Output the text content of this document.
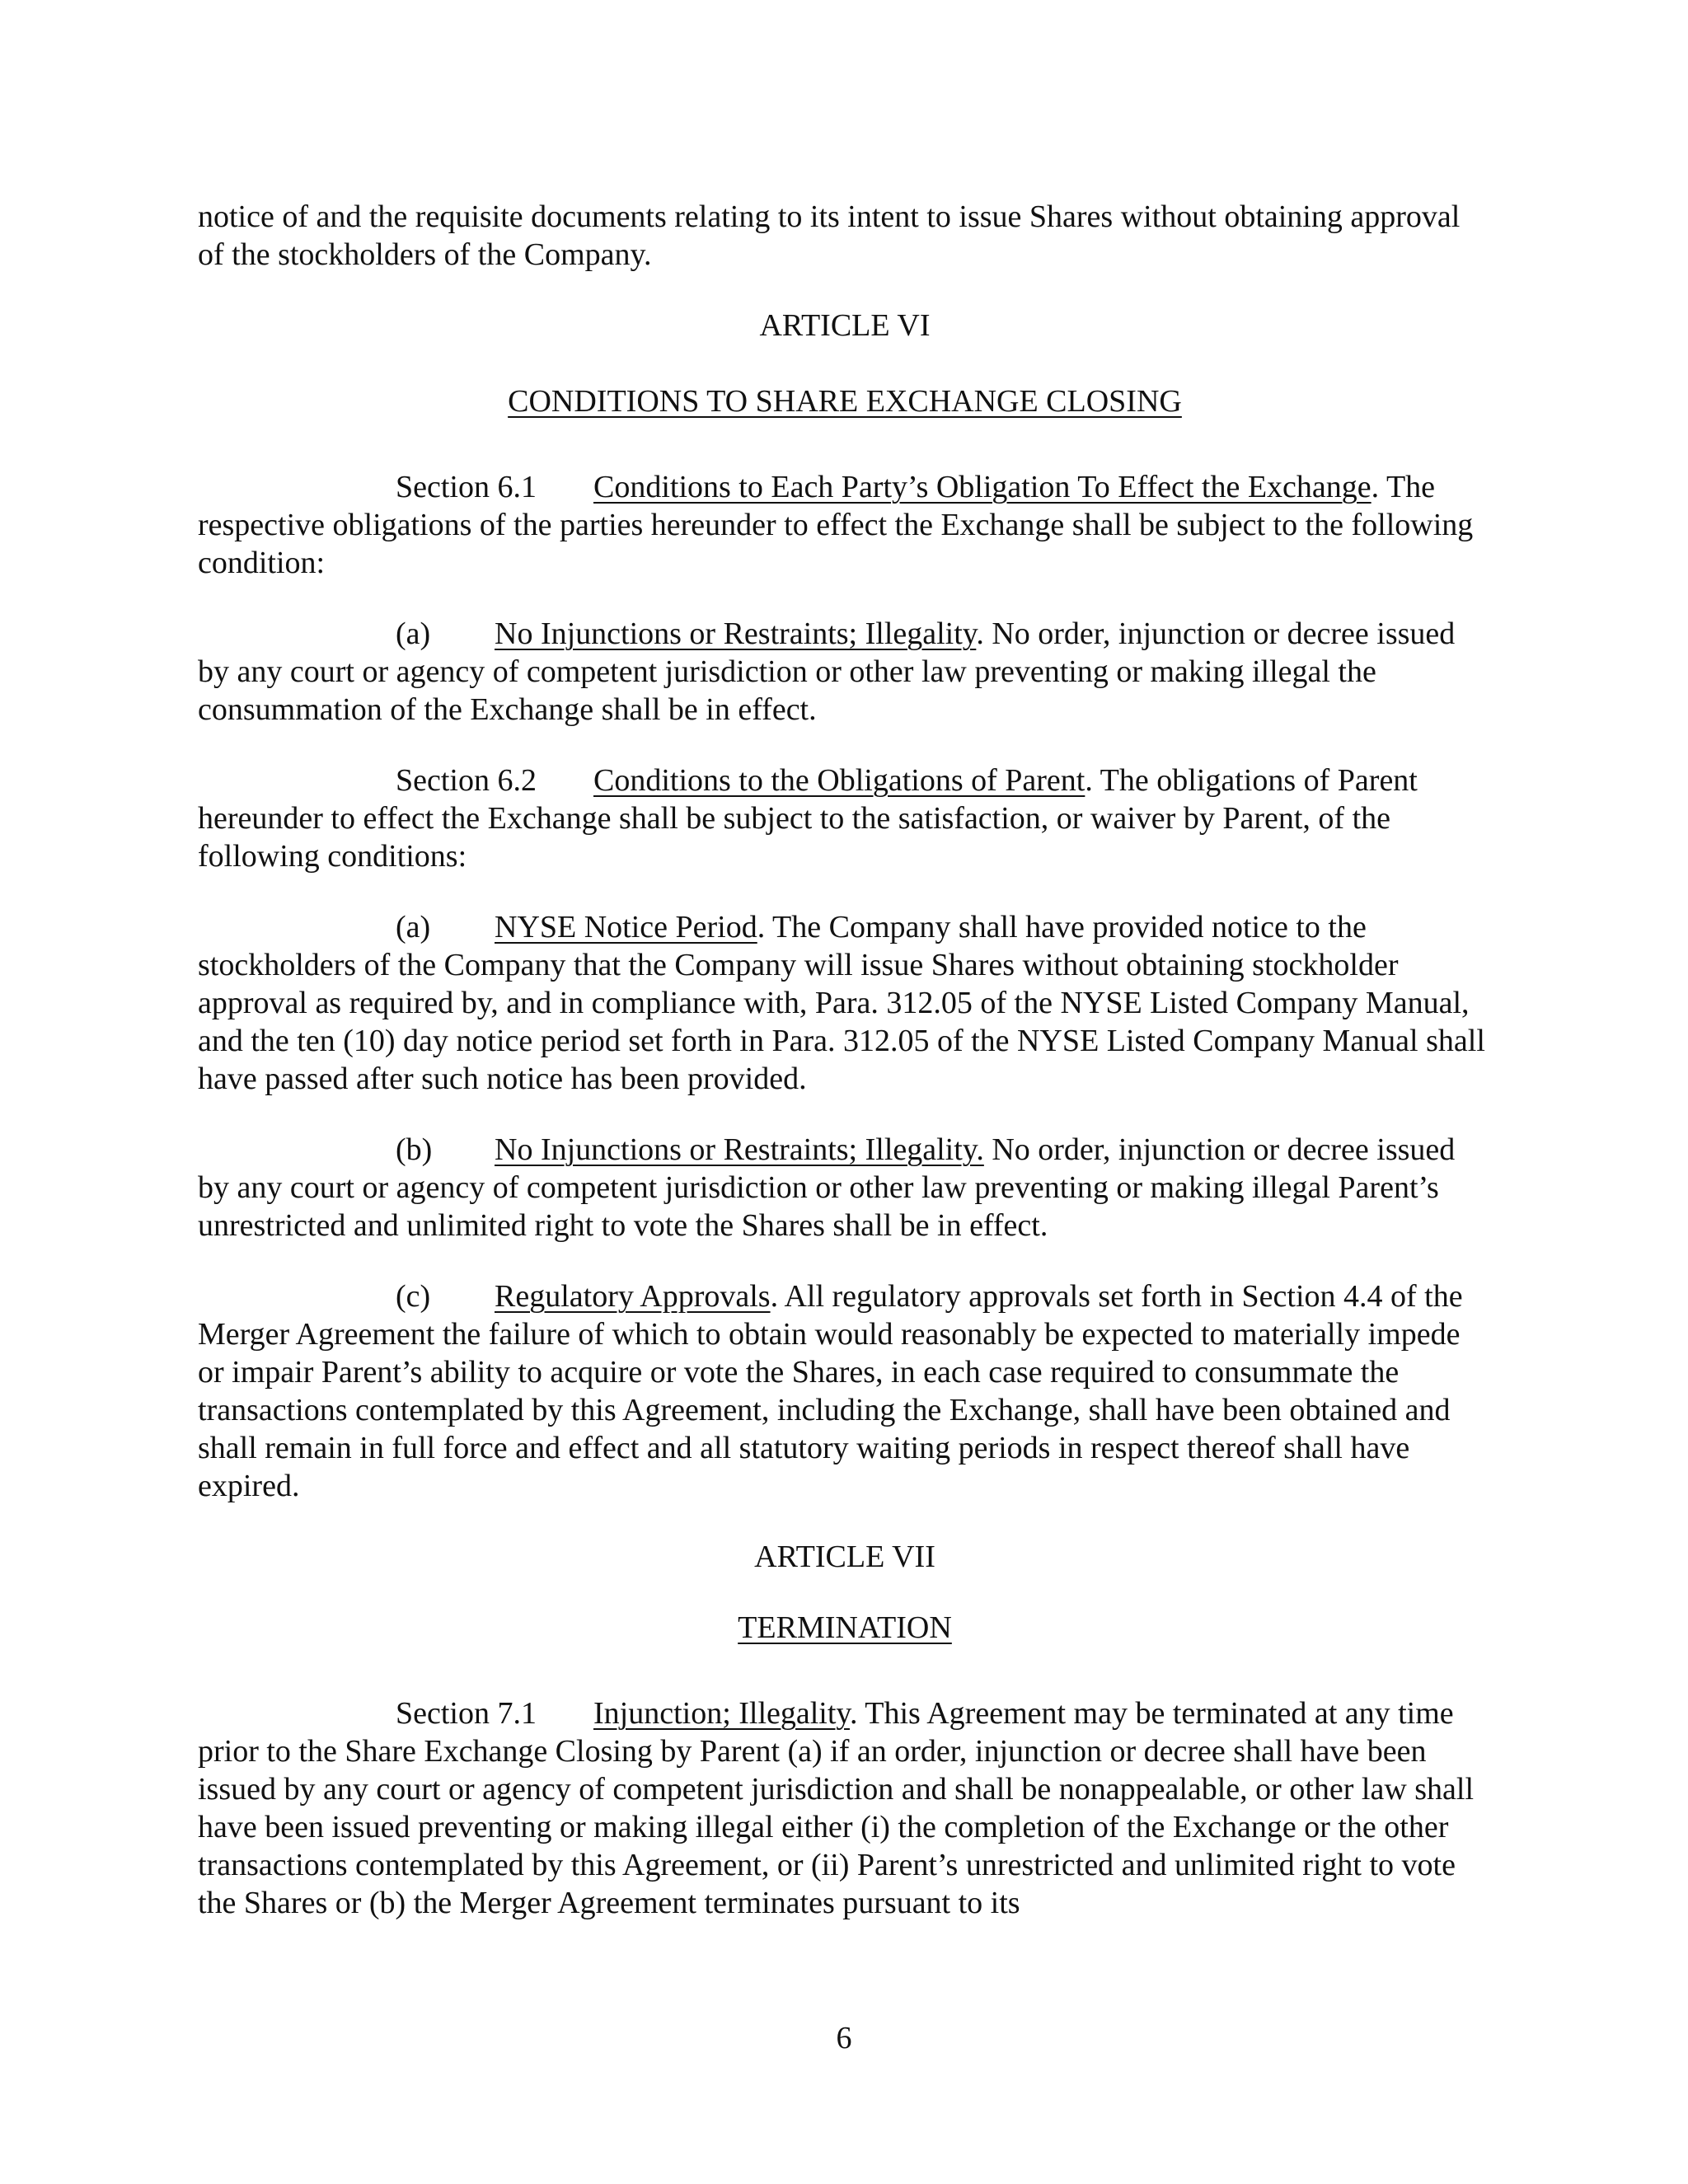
notice of and the requisite documents relating to its intent to issue Shares without obtaining approval of the stockholders of the Company.

ARTICLE VI

CONDITIONS TO SHARE EXCHANGE CLOSING

Section 6.1 Conditions to Each Party’s Obligation To Effect the Exchange. The respective obligations of the parties hereunder to effect the Exchange shall be subject to the following condition:

(a) No Injunctions or Restraints; Illegality. No order, injunction or decree issued by any court or agency of competent jurisdiction or other law preventing or making illegal the consummation of the Exchange shall be in effect.

Section 6.2 Conditions to the Obligations of Parent. The obligations of Parent hereunder to effect the Exchange shall be subject to the satisfaction, or waiver by Parent, of the following conditions:

(a) NYSE Notice Period. The Company shall have provided notice to the stockholders of the Company that the Company will issue Shares without obtaining stockholder approval as required by, and in compliance with, Para. 312.05 of the NYSE Listed Company Manual, and the ten (10) day notice period set forth in Para. 312.05 of the NYSE Listed Company Manual shall have passed after such notice has been provided.

(b) No Injunctions or Restraints; Illegality. No order, injunction or decree issued by any court or agency of competent jurisdiction or other law preventing or making illegal Parent’s unrestricted and unlimited right to vote the Shares shall be in effect.

(c) Regulatory Approvals. All regulatory approvals set forth in Section 4.4 of the Merger Agreement the failure of which to obtain would reasonably be expected to materially impede or impair Parent’s ability to acquire or vote the Shares, in each case required to consummate the transactions contemplated by this Agreement, including the Exchange, shall have been obtained and shall remain in full force and effect and all statutory waiting periods in respect thereof shall have expired.

ARTICLE VII

TERMINATION

Section 7.1 Injunction; Illegality. This Agreement may be terminated at any time prior to the Share Exchange Closing by Parent (a) if an order, injunction or decree shall have been issued by any court or agency of competent jurisdiction and shall be nonappealable, or other law shall have been issued preventing or making illegal either (i) the completion of the Exchange or the other transactions contemplated by this Agreement, or (ii) Parent’s unrestricted and unlimited right to vote the Shares or (b) the Merger Agreement terminates pursuant to its

6
